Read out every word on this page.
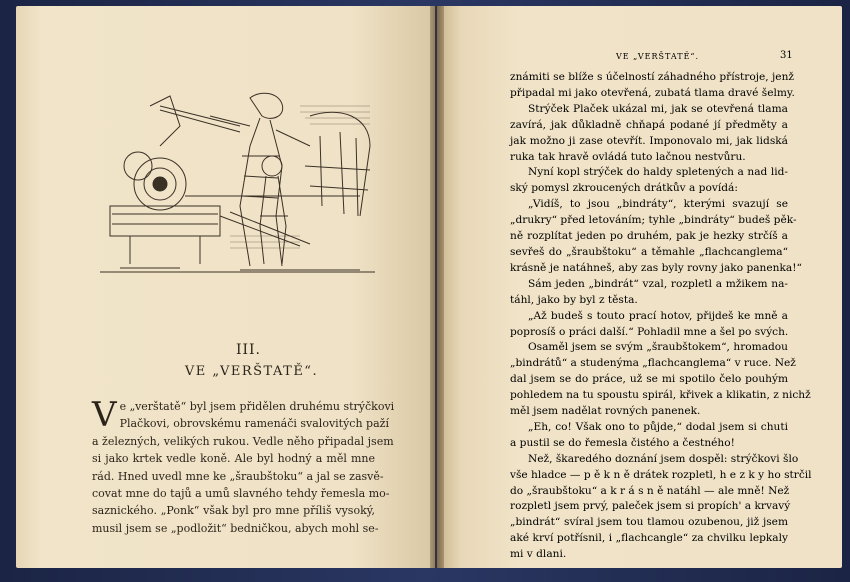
III.
VE „VERŠTATĚ“.
V e „verštatě“ byl jsem přidělen druhému strýčkovi
Plačkovi, obrovskému ramenáči svalovitých paží
a železných, velikých rukou. Vedle něho připadal jsem
si jako krtek vedle koně. Ale byl hodný a měl mne
rád. Hned uvedl mne ke „šraubštoku“ a jal se zasvě-
covat mne do tajů a umů slavného tehdy řemesla mo-
saznického. „Ponk“ však byl pro mne příliš vysoký,
musil jsem se „podložit“ bedničkou, abych mohl se-
VE „VERŠTATĚ“.	31
známiti se blíže s účelností záhadného přístroje, jenž
připadal mi jako otevřená, zubatá tlama dravé šelmy.
Strýček Plaček ukázal mi, jak se otevřená tlama
zavírá, jak důkladně chňapá podané jí předměty a
jak možno ji zase otevřít. Imponovalo mi, jak lidská
ruka tak hravě ovládá tuto lačnou nestvůru.
Nyní kopl strýček do haldy spletených a nad lid-
ský pomysl zkroucených drátkův a povídá:
„Vidíš, to jsou „bindráty“, kterými svazují se
„drukry“ před letováním; tyhle „bindráty“ budeš pěk-
ně rozplítat jeden po druhém, pak je hezky strčíš a
sevřeš do „šraubštoku“ a těmahle „flachcanglema“
krásně je natáhneš, aby zas byly rovny jako panenka!“
Sám jeden „bindrát“ vzal, rozpletl a mžikem na-
táhl, jako by byl z těsta.
„Až budeš s touto prací hotov, přijdeš ke mně a
poprosíš o práci další.“ Pohladil mne a šel po svých.
Osaměl jsem se svým „šraubštokem“, hromadou
„bindrátů“ a studenýma „flachcanglema“ v ruce. Než
dal jsem se do práce, už se mi spotilo čelo pouhým
pohledem na tu spoustu spirál, křivek a klikatin, z nichž
měl jsem nadělat rovných panenek.
„Eh, co! Však ono to půjde,“ dodal jsem si chuti
a pustil se do řemesla čistého a čestného!
Než, škaredého doznání jsem dospěl: strýčkovi šlo
vše hladce — p ě k n ě drátek rozpletl, h e z k y ho strčil
do „šraubštoku“ a k r á s n ě natáhl — ale mně! Než
rozpletl jsem prvý, paleček jsem si propích' a krvavý
„bindrát“ svíral jsem tou tlamou ozubenou, již jsem
aké krví potřísnil, i „flachcangle“ za chvilku lepkaly
mi v dlani.
